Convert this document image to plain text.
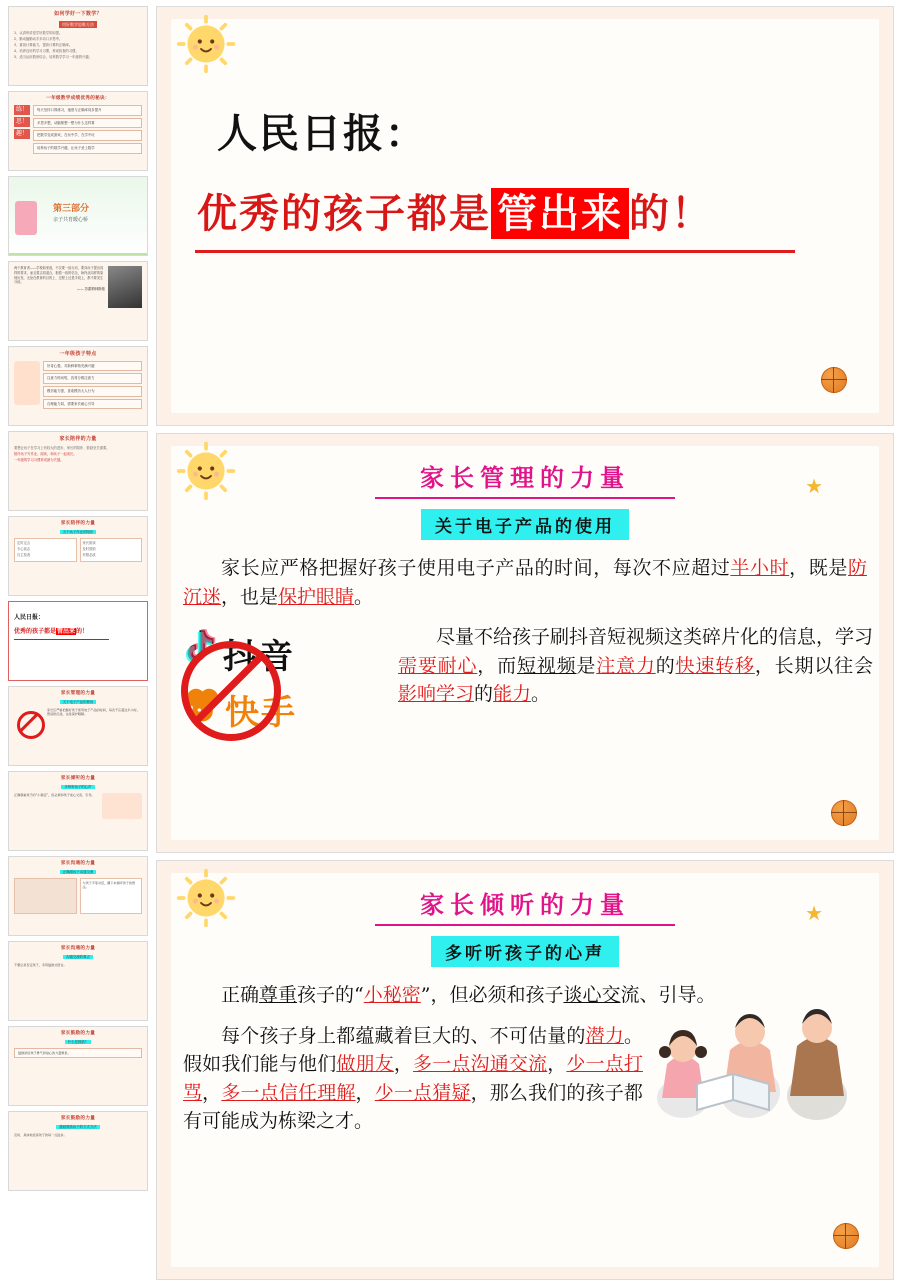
如何学好一下数学？
用好数学思维方法
1、认真听讲是学好数学的前提。
2、勤动脑勤动手多动口多思考。
3、重视计算能力，提高计算的正确率。
4、培养良好的学习习惯，养成检查的习惯。
5、适当运用数形结合，培养数学学习一年级的兴趣。
一年级数学成绩优秀的秘诀：
练！
思！
趣！
每天坚持口算练习，速度与正确率同步提升
多思多想，动脑筋想一想为什么这样算
把数学变成游戏，在玩中学，在学中玩
培养孩子的数学兴趣，让孩子爱上数学
第三部分
亲子共育暖心桥
两个教育者——学校和家庭，不仅要一致行动，要向孩子提出同样的要求，而且要志同道合，抱着一致的信念，始终从同样的原则出发，无论在教育的目的上、过程上还是手段上，都不要发生分歧。
—— 苏霍姆林斯基
一年级孩子特点
好奇心强，对新鲜事物充满兴趣
注意力时间短，容易分散注意力
模仿能力强，喜欢模仿大人行为
自理能力弱，需要家长耐心引导
家长陪伴的力量
要想让孩子在学习上有较大的进步，家长的陪伴、鼓励至关重要。
陪伴孩子写作业、阅读，和孩子一起成长。
一年级的学习习惯养成最为关键。
家长陪伴的力量
关于孩子作业的陪伴
定时定点
专心致志
自主检查
家长陪读
及时鼓励
有错必改
人民日报：
优秀的孩子都是管出来的！
家长管理的力量
关于电子产品的使用
家长应严格把握好孩子使用电子产品的时间，每次不应超过半小时，既是防沉迷，也是保护眼睛。
家长倾听的力量
多听听孩子的心声
正确尊重孩子的“小秘密”，但必须和孩子谈心交流、引导。
家长沟通的力量
正确跟孩子沟通交流
与孩子平等对话，蹲下来倾听孩子的想法。
家长沟通的力量
沟通交流的要点
不要总是否定孩子，多用鼓励式语言。
家长鼓励的力量
什么是鼓励？
鼓励是给孩子勇气和信心的力量源泉。
家长鼓励的力量
激励鼓励孩子的方式方法
及时、具体地表扬孩子的每一点进步。
人民日报：
优秀的孩子都是 管出来 的！
★
家长管理的力量
关于电子产品的使用

家长应严格把握好孩子使用电子产品的时间，每次不应超过半小时，既是防沉迷，也是保护眼睛。

抖音
快手

尽量不给孩子刷抖音短视频这类碎片化的信息，学习需要耐心，而短视频是注意力的快速转移，长期以往会影响学习的能力。

★
家长倾听的力量
多听听孩子的心声

正确尊重孩子的“小秘密”，但必须和孩子谈心交流、引导。

每个孩子身上都蕴藏着巨大的、不可估量的潜力。假如我们能与他们做朋友，多一点沟通交流，少一点打骂，多一点信任理解，少一点猜疑，那么我们的孩子都有可能成为栋梁之才。
